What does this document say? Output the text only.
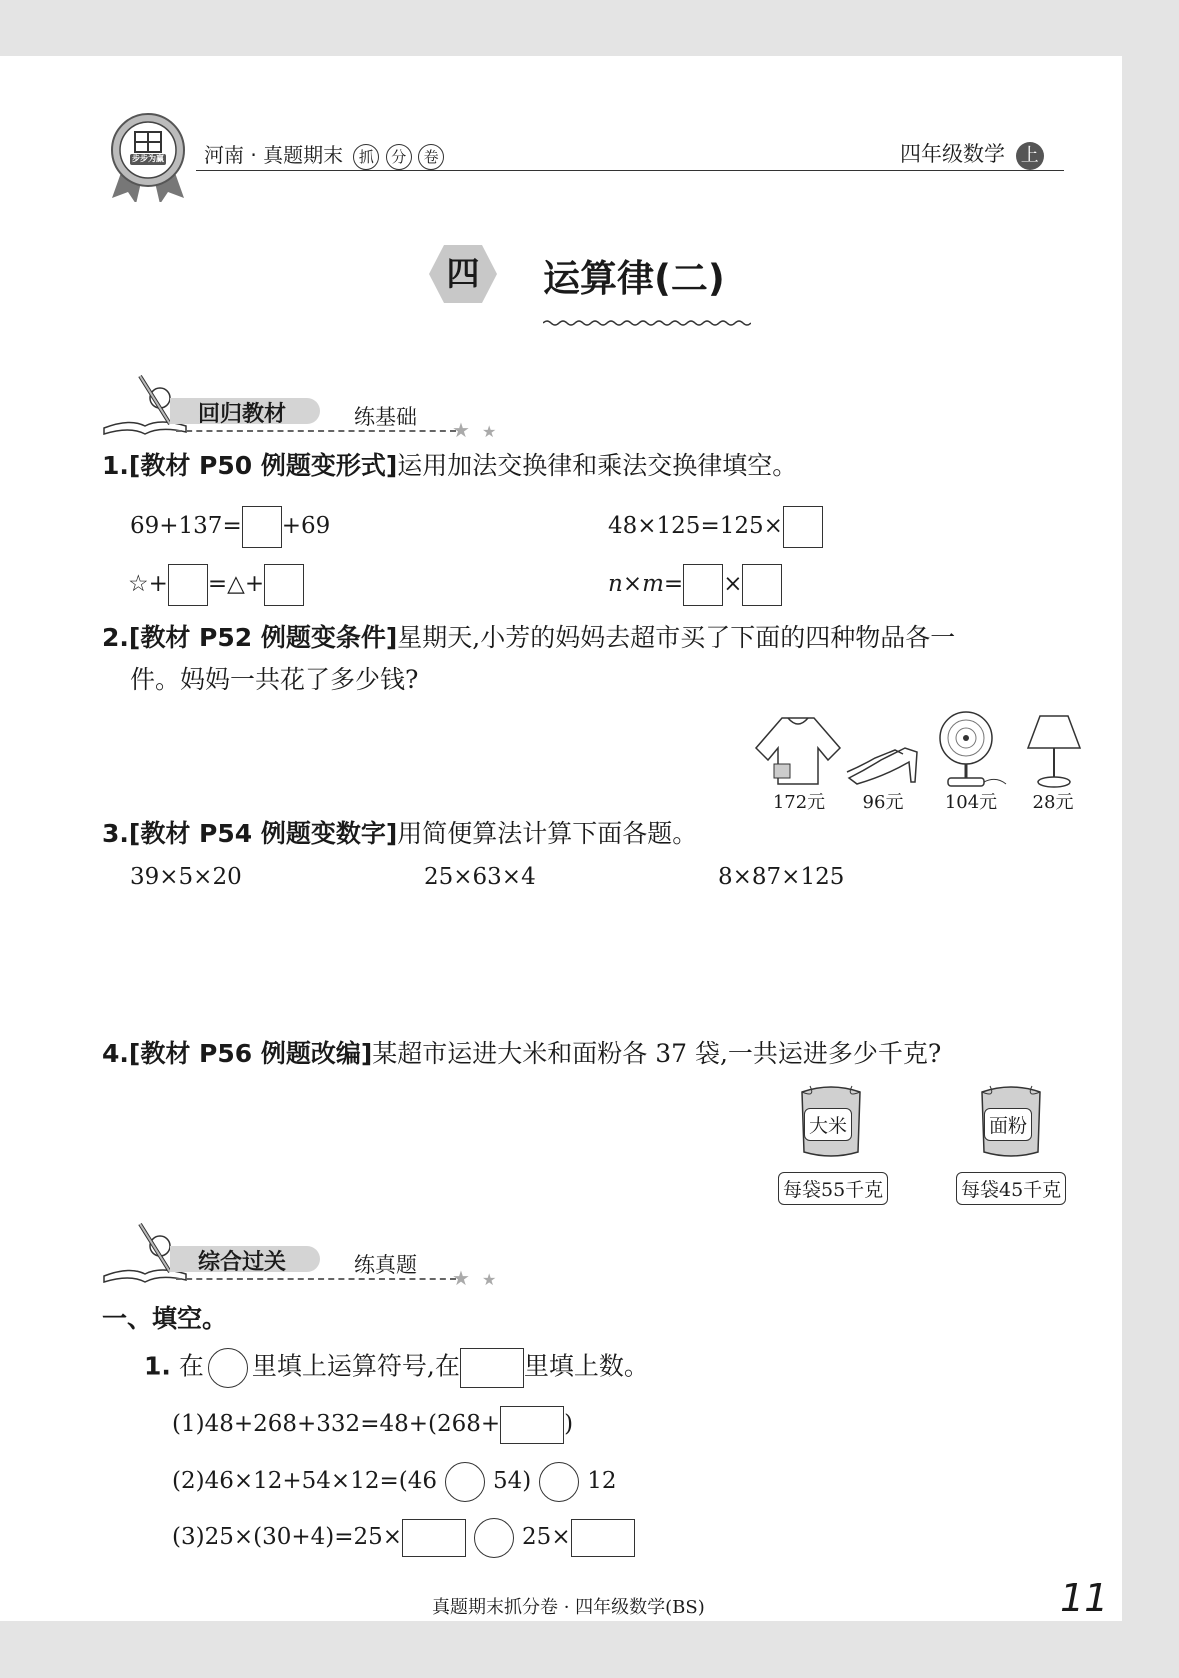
步步为赢 河南 · 真题期末 抓 分 卷	四年级数学 上
四	运算律(二)
回归教材	练基础
★ ★
1.[教材 P50 例题变形式]运用加法交换律和乘法交换律填空。
69+137= +69	48×125=125×
☆+ =△+	n×m= ×
2.[教材 P52 例题变条件]星期天,小芳的妈妈去超市买了下面的四种物品各一
件。妈妈一共花了多少钱?
172元	96元	104元	28元
3.[教材 P54 例题变数字]用简便算法计算下面各题。
39×5×20	25×63×4	8×87×125
4.[教材 P56 例题改编]某超市运进大米和面粉各 37 袋,一共运进多少千克?
大米	面粉
每袋55千克	每袋45千克
综合过关	练真题
★ ★
一、填空。
1. 在 里填上运算符号,在	里填上数。
(1)48+268+332=48+(268+	)
(2)46×12+54×12=(46 54) 12
(3)25×(30+4)=25×	25×
真题期末抓分卷 · 四年级数学(BS)	11
